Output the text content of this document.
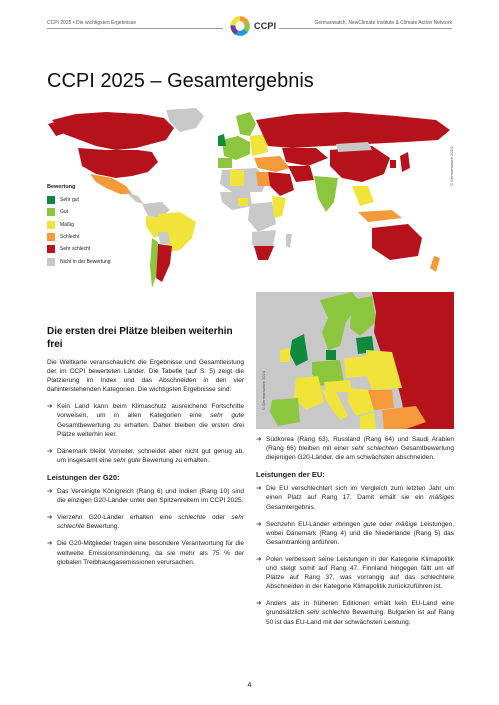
CCPI 2025 • Die wichtigsten Ergebnisse	CCPI	Germanwatch, NewClimate Institute & Climate Action Network
CCPI 2025 – Gesamtergebnis
© Germanwatch 2024
Bewertung
Sehr gut
Gut
Mäßig
Schlecht
Sehr schlecht
Nicht in der Bewertung
© Germanwatch 2024
Die ersten drei Plätze bleiben weiterhin frei

Die Weltkarte veranschaulicht die Ergebnisse und Gesamtleistung der im CCPI bewerteten Länder. Die Tabelle (auf S. 5) zeigt die Platzierung im Index und das Abschneiden in den vier dahinterstehenden Kategorien. Die wichtigsten Ergebnisse sind:

➔ Kein Land kann beim Klimaschutz ausreichend Fortschritte vorweisen, um in allen Kategorien eine sehr gute Gesamtbewertung zu erhalten. Daher bleiben die ersten drei Plätze weiterhin leer.
➔ Dänemark bleibt Vorreiter, schneidet aber nicht gut genug ab, um insgesamt eine sehr gute Bewertung zu erhalten.
Leistungen der G20:
➔ Das Vereinigte Königreich (Rang 6) und Indien (Rang 10) sind die einzigen G20-Länder unter den Spitzenreitern im CCPI 2025.
➔ Vierzehn G20-Länder erhalten eine schlechte oder sehr schlechte Bewertung.
➔ Die G20-Mitglieder tragen eine besondere Verantwortung für die weltweite Emissionsminderung, da sie mehr als 75 % der globalen Treibhausgasemissionen verursachen.
➔ Südkorea (Rang 63), Russland (Rang 64) und Saudi Arabien (Rang 66) bleiben mit einer sehr schlechten Gesamtbewertung diejenigen G20-Länder, die am schwächsten abschneiden.
Leistungen der EU:
➔ Die EU verschlechtert sich im Vergleich zum letzten Jahr um einen Platz auf Rang 17. Damit erhält sie ein mäßiges Gesamtergebnis.
➔ Sechzehn EU-Länder erbringen gute oder mäßige Leistungen, wobei Dänemark (Rang 4) und die Niederlande (Rang 5) das Gesamtranking anführen.
➔ Polen verbessert seine Leistungen in der Kategorie Klimapolitik und steigt somit auf Rang 47. Finnland hingegen fällt um elf Plätze auf Rang 37, was vorrangig auf das schlechtere Abschneiden in der Kategorie Klimapolitik zurückzuführen ist.
➔ Anders als in früheren Editionen erhält kein EU-Land eine grundsätzlich sehr schlechte Bewertung. Bulgarien ist auf Rang 50 ist das EU-Land mit der schwächsten Leistung.
4
